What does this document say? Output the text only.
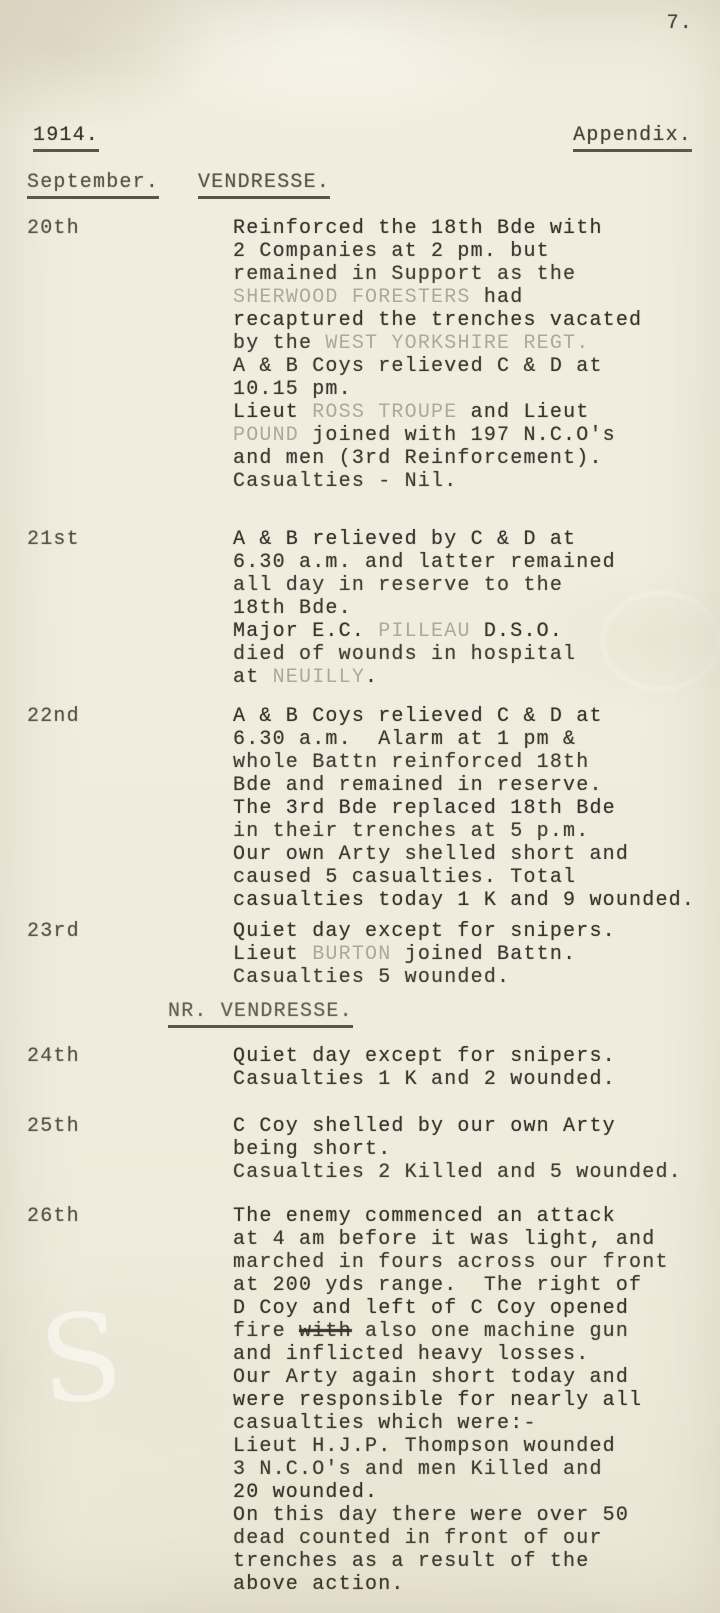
7.
1914.	Appendix.
September. VENDRESSE.
20th	Reinforced the 18th Bde with
2 Companies at 2 pm. but
remained in Support as the
SHERWOOD FORESTERS had
recaptured the trenches vacated
by the WEST YORKSHIRE REGT.
A & B Coys relieved C & D at
10.15 pm.
Lieut ROSS TROUPE and Lieut
POUND joined with 197 N.C.O's
and men (3rd Reinforcement).
Casualties - Nil.
21st	A & B relieved by C & D at
6.30 a.m. and latter remained
all day in reserve to the
18th Bde.
Major E.C. PILLEAU D.S.O.
died of wounds in hospital
at NEUILLY.
22nd	A & B Coys relieved C & D at
6.30 a.m.  Alarm at 1 pm &
whole Battn reinforced 18th
Bde and remained in reserve.
The 3rd Bde replaced 18th Bde
in their trenches at 5 p.m.
Our own Arty shelled short and
caused 5 casualties. Total
casualties today 1 K and 9 wounded.
23rd	Quiet day except for snipers.
Lieut BURTON joined Battn.
Casualties 5 wounded.
NR. VENDRESSE.
24th	Quiet day except for snipers.
Casualties 1 K and 2 wounded.
25th	C Coy shelled by our own Arty
being short.
Casualties 2 Killed and 5 wounded.
26th	The enemy commenced an attack
at 4 am before it was light, and
marched in fours across our front
at 200 yds range.  The right of
D Coy and left of C Coy opened
fire with also one machine gun
and inflicted heavy losses.
Our Arty again short today and
were responsible for nearly all
casualties which were:-
Lieut H.J.P. Thompson wounded
3 N.C.O's and men Killed and
20 wounded.
On this day there were over 50
dead counted in front of our
trenches as a result of the
above action.
S
